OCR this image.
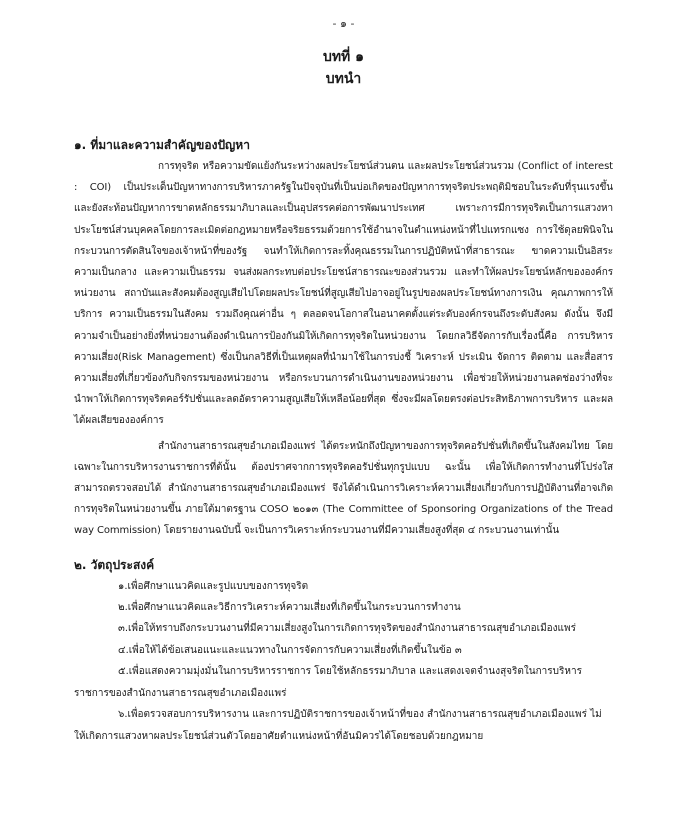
- ๑ -
บทที่ ๑
บทนำ
๑. ที่มาและความสำคัญของปัญหา

การทุจริต หรือความขัดแย้งกันระหว่างผลประโยชน์ส่วนตน และผลประโยชน์ส่วนรวม (Conflict of interest : COI) เป็นประเด็นปัญหาทางการบริหารภาครัฐในปัจจุบันที่เป็นบ่อเกิดของปัญหาการทุจริตประพฤติมิชอบในระดับที่รุนแรงขึ้น และยังสะท้อนปัญหาการขาดหลักธรรมาภิบาลและเป็นอุปสรรคต่อการพัฒนาประเทศ เพราะการมีการทุจริตเป็นการแสวงหาประโยชน์ส่วนบุคคลโดยการละเมิดต่อกฎหมายหรือจริยธรรมด้วยการใช้อำนาจในตำแหน่งหน้าที่ไปแทรกแซง การใช้ดุลยพินิจในกระบวนการตัดสินใจของเจ้าหน้าที่ของรัฐ จนทำให้เกิดการละทิ้งคุณธรรมในการปฏิบัติหน้าที่สาธารณะ ขาดความเป็นอิสระ ความเป็นกลาง และความเป็นธรรม จนส่งผลกระทบต่อประโยชน์สาธารณะของส่วนรวม และทำให้ผลประโยชน์หลักขององค์กร หน่วยงาน สถาบันและสังคมต้องสูญเสียไปโดยผลประโยชน์ที่สูญเสียไปอาจอยู่ในรูปของผลประโยชน์ทางการเงิน คุณภาพการให้บริการ ความเป็นธรรมในสังคม รวมถึงคุณค่าอื่น ๆ ตลอดจนโอกาสในอนาคตตั้งแต่ระดับองค์กรจนถึงระดับสังคม ดังนั้น จึงมีความจำเป็นอย่างยิ่งที่หน่วยงานต้องดำเนินการป้องกันมิให้เกิดการทุจริตในหน่วยงาน โดยกลวิธีจัดการกับเรื่องนี้คือ การบริหารความเสี่ยง(Risk Management) ซึ่งเป็นกลวิธีที่เป็นเหตุผลที่นำมาใช้ในการบ่งชี้ วิเคราะห์ ประเมิน จัดการ ติดตาม และสื่อสารความเสี่ยงที่เกี่ยวข้องกับกิจกรรมของหน่วยงาน หรือกระบวนการดำเนินงานของหน่วยงาน เพื่อช่วยให้หน่วยงานลดช่องว่างที่จะนำพาให้เกิดการทุจริตคอร์รัปชั่นและลดอัตราความสูญเสียให้เหลือน้อยที่สุด ซึ่งจะมีผลโดยตรงต่อประสิทธิภาพการบริหาร และผลได้ผลเสียขององค์การ

สำนักงานสาธารณสุขอำเภอเมืองแพร่ ได้ตระหนักถึงปัญหาของการทุจริตคอรัปชั่นที่เกิดขึ้นในสังคมไทย โดยเฉพาะในการบริหารงานราชการที่ต้นั้น ต้องปราศจากการทุจริตคอรัปชั่นทุกรูปแบบ ฉะนั้น เพื่อให้เกิดการทำงานที่โปร่งใส สามารถตรวจสอบได้ สำนักงานสาธารณสุขอำเภอเมืองแพร่ จึงได้ดำเนินการวิเคราะห์ความเสี่ยงเกี่ยวกับการปฏิบัติงานที่อาจเกิดการทุจริตในหน่วยงานขึ้น ภายใต้มาตรฐาน COSO ๒๐๑๓ (The Committee of Sponsoring Organizations of the Tread way Commission) โดยรายงานฉบับนี้ จะเป็นการวิเคราะห์กระบวนงานที่มีความเสี่ยงสูงที่สุด ๔ กระบวนงานเท่านั้น

๒. วัตถุประสงค์

๑.เพื่อศึกษาแนวคิดและรูปแบบของการทุจริต

๒.เพื่อศึกษาแนวคิดและวิธีการวิเคราะห์ความเสี่ยงที่เกิดขึ้นในกระบวนการทำงาน

๓.เพื่อให้ทราบถึงกระบวนงานที่มีความเสี่ยงสูงในการเกิดการทุจริตของสำนักงานสาธารณสุขอำเภอเมืองแพร่

๔.เพื่อให้ได้ข้อเสนอแนะและแนวทางในการจัดการกับความเสี่ยงที่เกิดขึ้นในข้อ ๓

๕.เพื่อแสดงความมุ่งมั่นในการบริหารราชการ โดยใช้หลักธรรมาภิบาล และแสดงเจตจำนงสุจริตในการบริหารราชการของสำนักงานสาธารณสุขอำเภอเมืองแพร่

๖.เพื่อตรวจสอบการบริหารงาน และการปฏิบัติราชการของเจ้าหน้าที่ของ สำนักงานสาธารณสุขอำเภอเมืองแพร่ ไม่ให้เกิดการแสวงหาผลประโยชน์ส่วนตัวโดยอาศัยตำแหน่งหน้าที่อันมิควรได้โดยชอบด้วยกฎหมาย
